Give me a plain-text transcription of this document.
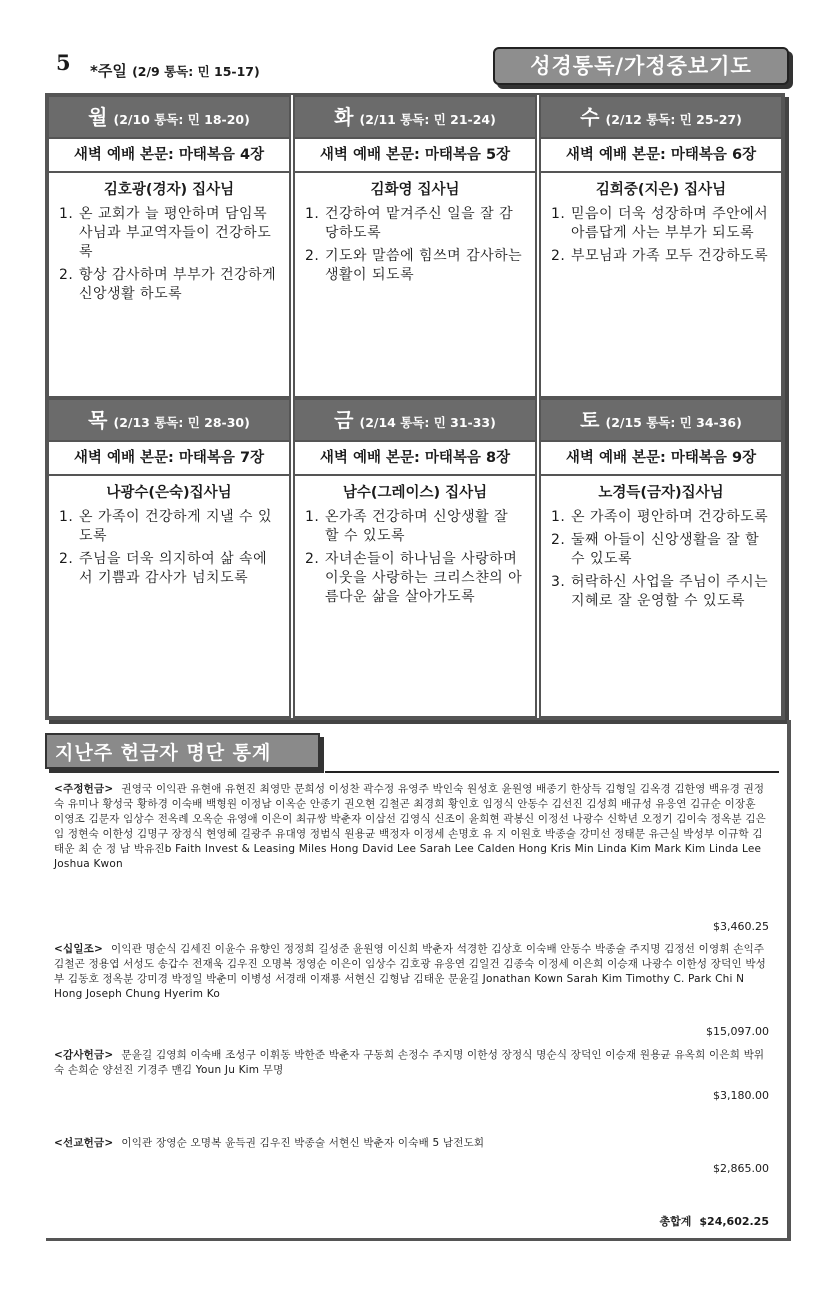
5 *주일 (2/9 통독: 민 15-17)	성경통독/가정중보기도
월 (2/10 통독: 민 18-20)
새벽 예배 본문: 마태복음 4장
김호광(경자) 집사님
1. 온 교회가 늘 평안하며 담임목사님과 부교역자들이 건강하도록
2. 항상 감사하며 부부가 건강하게 신앙생활 하도록
화 (2/11 통독: 민 21-24)
새벽 예배 본문: 마태복음 5장
김화영 집사님
1. 건강하여 맡겨주신 일을 잘 감당하도록
2. 기도와 말씀에 힘쓰며 감사하는 생활이 되도록
수 (2/12 통독: 민 25-27)
새벽 예배 본문: 마태복음 6장
김희중(지은) 집사님
1. 믿음이 더욱 성장하며 주안에서 아름답게 사는 부부가 되도록
2. 부모님과 가족 모두 건강하도록
목 (2/13 통독: 민 28-30)
새벽 예배 본문: 마태복음 7장
나광수(은숙)집사님
1. 온 가족이 건강하게 지낼 수 있도록
2. 주님을 더욱 의지하여 삶 속에서 기쁨과 감사가 넘치도록
금 (2/14 통독: 민 31-33)
새벽 예배 본문: 마태복음 8장
남수(그레이스) 집사님
1. 온가족 건강하며 신앙생활 잘 할 수 있도록
2. 자녀손들이 하나님을 사랑하며 이웃을 사랑하는 크리스챤의 아름다운 삶을 살아가도록
토 (2/15 통독: 민 34-36)
새벽 예배 본문: 마태복음 9장
노경득(금자)집사님
1. 온 가족이 평안하며 건강하도록
2. 둘째 아들이 신앙생활을 잘 할 수 있도록
3. 허락하신 사업을 주님이 주시는 지혜로 잘 운영할 수 있도록
지난주 헌금자 명단 통계
<주정헌금> 권영국 이익관 유현애 유현진 최영만 문희성 이성찬 곽수정 유영주 박인숙 원성호 윤원영 배종기 한상득 김형일 김옥경 김한영 백유경 권정숙 유미나 황성국 황하경 이숙배 백형원 이정남 이옥순 안종기 권오현 김철곤 최경희 황인호 임정식 안동수 김선진 김성희 배규성 유응연 김규순 이장훈 이영조 김문자 임상수 전옥례 오옥순 유영애 이은이 최규쌍 박춘자 이삼선 김영식 신조이 윤희현 곽봉신 이정선 나광수 신학년 오정기 김이숙 정옥분 김은임 정현숙 이한성 김명구 장정식 현영혜 길광주 유대영 정범식 원용균 백정자 이정세 손명호 유 지 이원호 박종술 강미선 정태문 유근실 박성부 이규학 김태운 최 순 정 남 박유진b Faith Invest & Leasing Miles Hong David Lee Sarah Lee Calden Hong Kris Min Linda Kim Mark Kim Linda Lee Joshua Kwon
$3,460.25
<십일조> 이익관 명순식 김세진 이윤수 유향인 정정희 길성준 윤원영 이신희 박춘자 석경한 김상호 이숙배 안동수 박종술 주지명 김정선 이영휘 손익주 김철곤 정용엽 서성도 송갑수 전재욱 김우진 오명복 정영순 이은이 임상수 김호광 유응연 김일건 김종숙 이정세 이은희 이승재 나광수 이한성 장덕인 박성부 김동호 정옥분 강미경 박정일 박춘미 이병성 서경래 이재룡 서현신 김형남 김태운 문윤길 Jonathan Kown Sarah Kim Timothy C. Park Chi N Hong Joseph Chung Hyerim Ko
$15,097.00
<감사헌금> 문윤길 김영희 이숙배 조성구 이휘동 박한준 박춘자 구동희 손정수 주지명 이한성 장정식 명순식 장덕인 이승재 원용균 유옥희 이은희 박위숙 손희순 양선진 기경주 맨김 Youn Ju Kim 무명
$3,180.00
<선교헌금> 이익관 장영순 오명복 윤득권 김우진 박종술 서현신 박춘자 이숙배 5 남전도회
$2,865.00
총합계 $24,602.25
